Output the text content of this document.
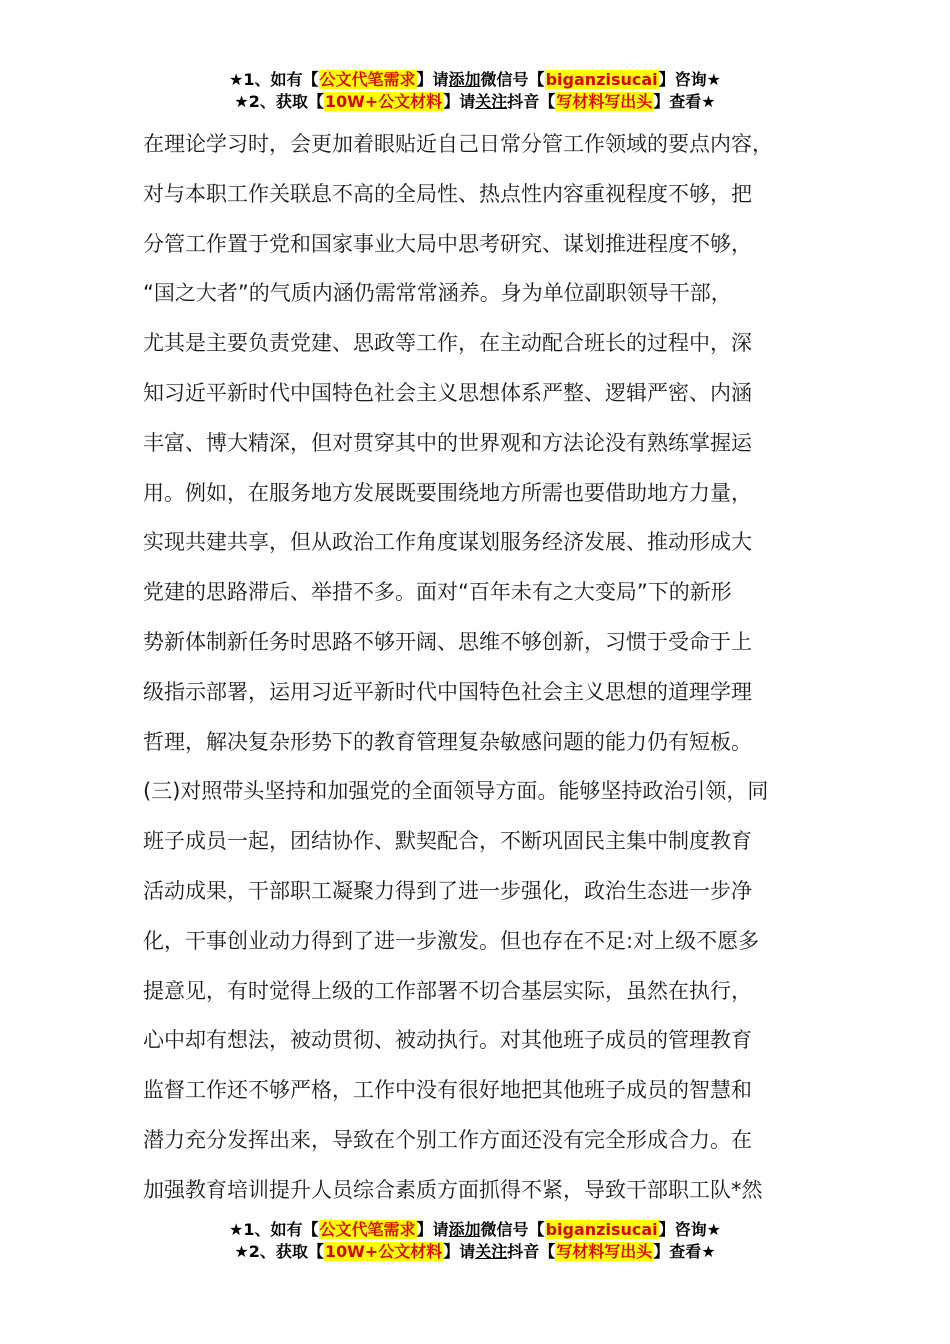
★1、如有【公文代笔需求】请添加微信号【biganzisucai】咨询★
★2、获取【10W+公文材料】请关注抖音【写材料写出头】查看★
在理论学习时，会更加着眼贴近自己日常分管工作领域的要点内容，
对与本职工作关联息不高的全局性、热点性内容重视程度不够，把
分管工作置于党和国家事业大局中思考研究、谋划推进程度不够，
“国之大者”的气质内涵仍需常常涵养。身为单位副职领导干部，
尤其是主要负责党建、思政等工作，在主动配合班长的过程中，深
知习近平新时代中国特色社会主义思想体系严整、逻辑严密、内涵
丰富、博大精深，但对贯穿其中的世界观和方法论没有熟练掌握运
用。例如，在服务地方发展既要围绕地方所需也要借助地方力量，
实现共建共享，但从政治工作角度谋划服务经济发展、推动形成大
党建的思路滞后、举措不多。面对“百年未有之大变局”下的新形
势新体制新任务时思路不够开阔、思维不够创新，习惯于受命于上
级指示部署，运用习近平新时代中国特色社会主义思想的道理学理
哲理，解决复杂形势下的教育管理复杂敏感问题的能力仍有短板。
(三)对照带头坚持和加强党的全面领导方面。能够坚持政治引领，同
班子成员一起，团结协作、默契配合，不断巩固民主集中制度教育
活动成果，干部职工凝聚力得到了进一步强化，政治生态进一步净
化，干事创业动力得到了进一步激发。但也存在不足:对上级不愿多
提意见，有时觉得上级的工作部署不切合基层实际，虽然在执行，
心中却有想法，被动贯彻、被动执行。对其他班子成员的管理教育
监督工作还不够严格，工作中没有很好地把其他班子成员的智慧和
潜力充分发挥出来，导致在个别工作方面还没有完全形成合力。在
加强教育培训提升人员综合素质方面抓得不紧，导致干部职工队*然
★1、如有【公文代笔需求】请添加微信号【biganzisucai】咨询★
★2、获取【10W+公文材料】请关注抖音【写材料写出头】查看★
